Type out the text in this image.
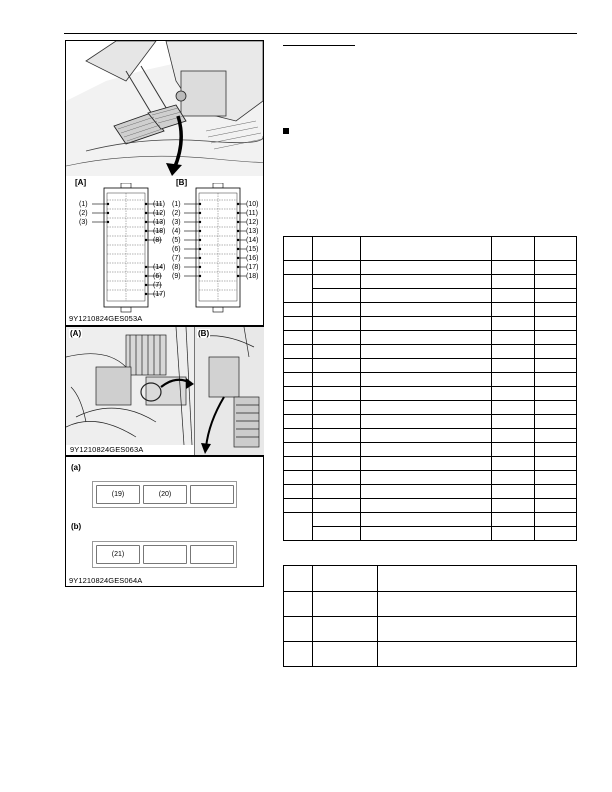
[A]	[B]
(1)
(2)
(3)
(11)
(12)
(13)
(18)
(8)
(14)
(6)
(7)
(17)
(1)
(2)
(3)
(4)
(5)
(6)
(7)
(8)
(9)
(10)
(11)
(12)
(13)
(14)
(15)
(16)
(17)
(18)
9Y1210824GES053A
(A)	(B)
9Y1210824GES063A
(a)
(19)	(20)
(b)
(21)
9Y1210824GES064A
